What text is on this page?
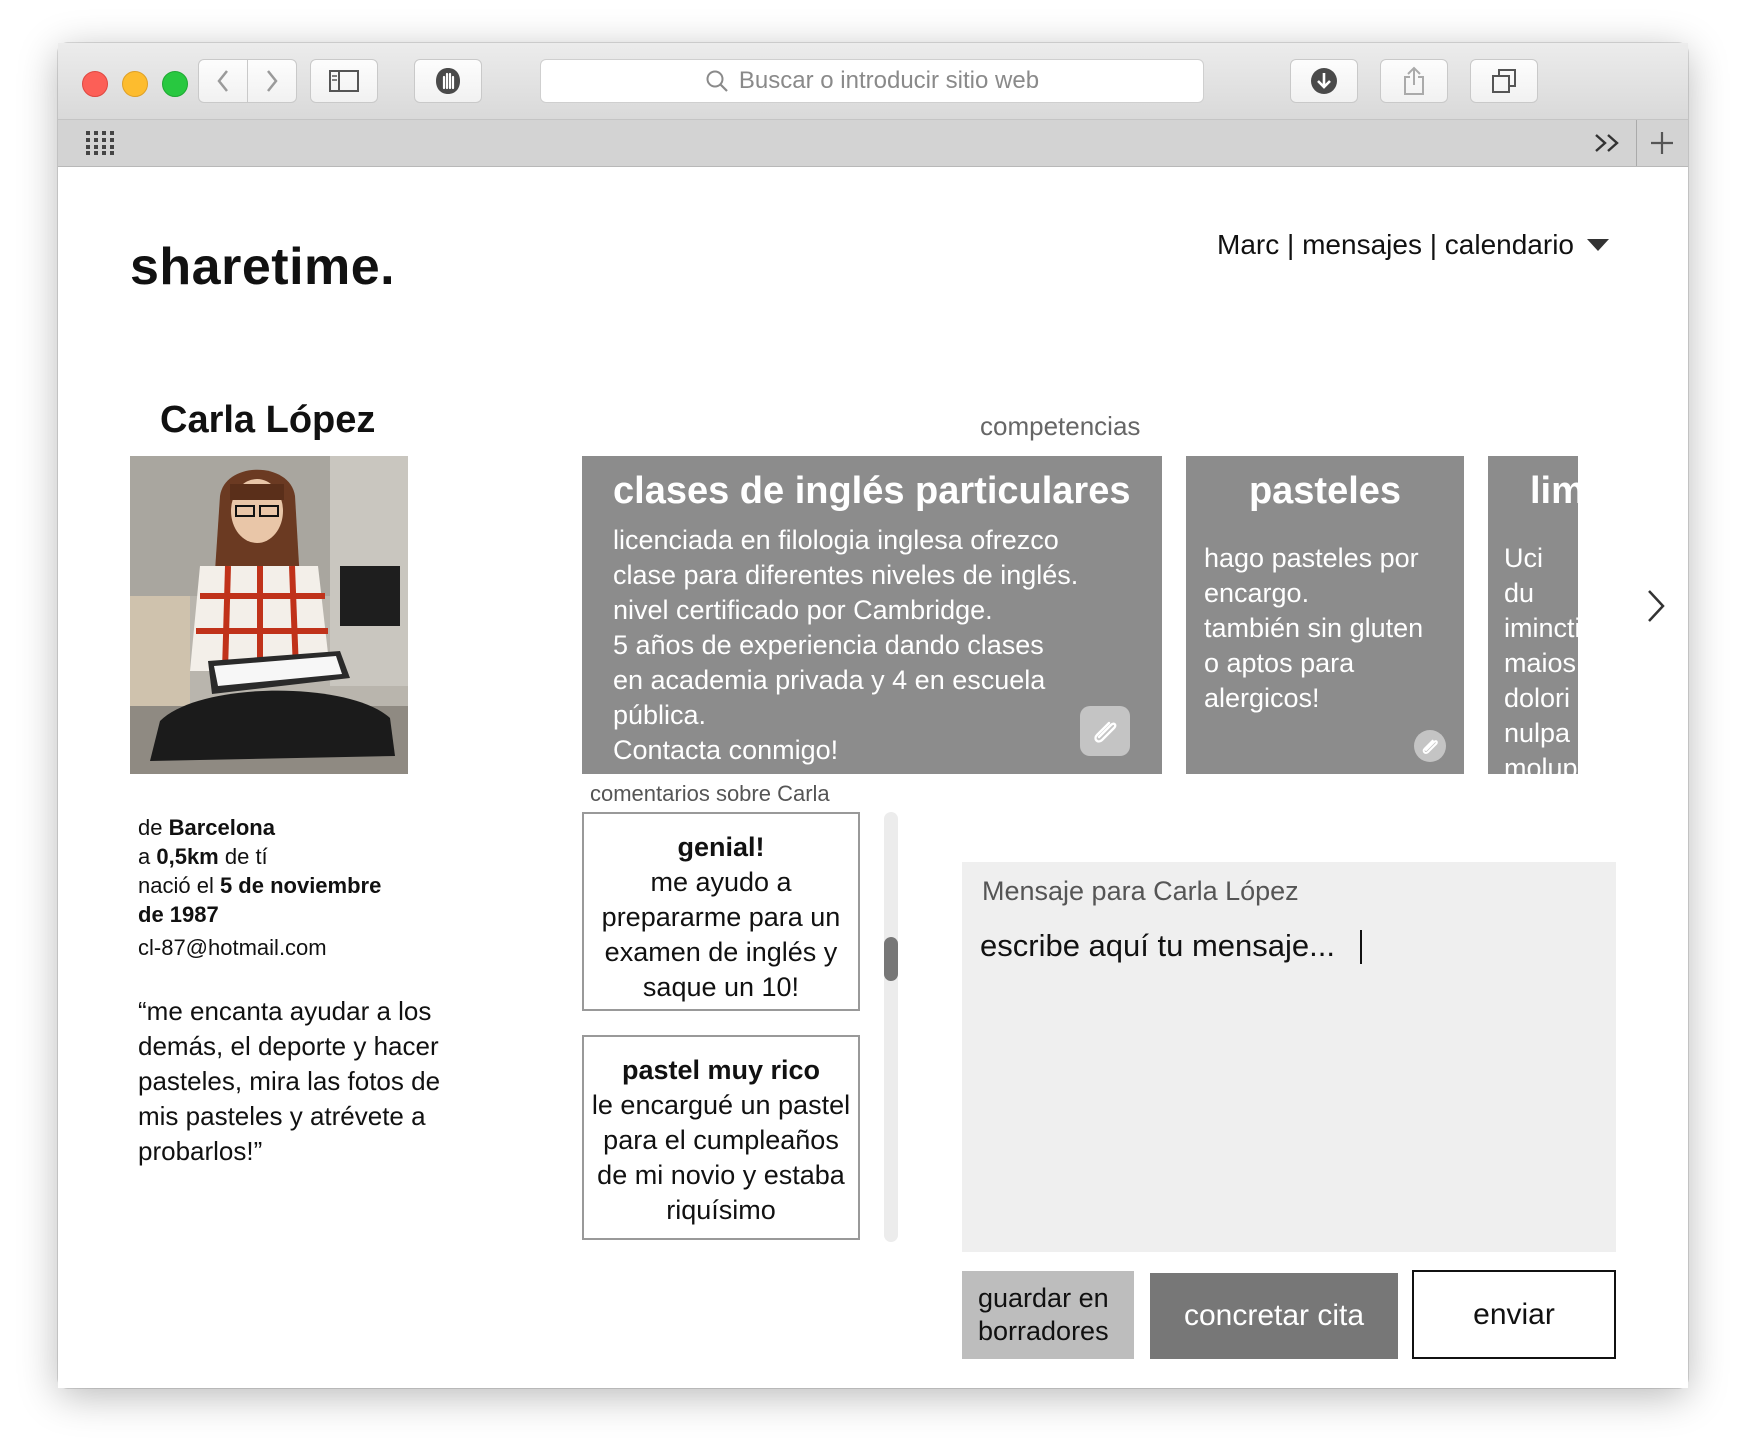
Buscar o introducir sitio web
sharetime.	Marc | mensajes | calendario
Carla López
de Barcelona
a 0,5km de tí
nació el 5 de noviembre
de 1987
cl-87@hotmail.com
“me encanta ayudar a los demás, el deporte y hacer pasteles, mira las fotos de mis pasteles y atrévete a probarlos!”
competencias
clases de inglés particulares
licenciada en filologia inglesa ofrezco
clase para diferentes niveles de inglés.
nivel certificado por Cambridge.
5 años de experiencia dando clases
en academia privada y 4 en escuela
pública.
Contacta conmigo!
pasteles
hago pasteles por
encargo.
también sin gluten
o aptos para
alergicos!
lim
Uci du
imincti
maios
dolori
nulpa
molup
comentarios sobre Carla
genial!
me ayudo a prepararme para un examen de inglés y saque un 10!
pastel muy rico
le encargué un pastel para el cumpleaños de mi novio y estaba riquísimo
Mensaje para Carla López
escribe aquí tu mensaje...
guardar en borradores	concretar cita	enviar
